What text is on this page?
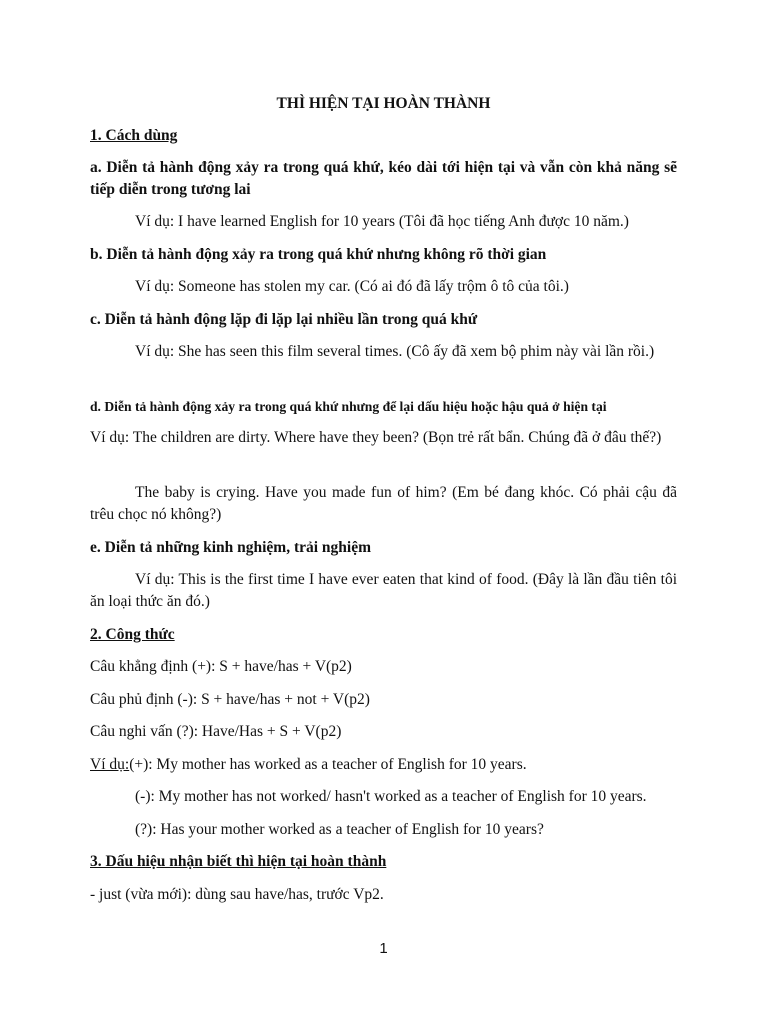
THÌ HIỆN TẠI HOÀN THÀNH
1. Cách dùng
a. Diễn tả hành động xảy ra trong quá khứ, kéo dài tới hiện tại và vẫn còn khả năng sẽ tiếp diễn trong tương lai
Ví dụ: I have learned English for 10 years (Tôi đã học tiếng Anh được 10 năm.)
b. Diễn tả hành động xảy ra trong quá khứ nhưng không rõ thời gian
Ví dụ: Someone has stolen my car. (Có ai đó đã lấy trộm ô tô của tôi.)
c. Diễn tả hành động lặp đi lặp lại nhiều lần trong quá khứ
Ví dụ: She has seen this film several times. (Cô ấy đã xem bộ phim này vài lần rồi.)
d. Diễn tả hành động xảy ra trong quá khứ nhưng để lại dấu hiệu hoặc hậu quả ở hiện tại
Ví dụ: The children are dirty. Where have they been? (Bọn trẻ rất bẩn. Chúng đã ở đâu thế?)
The baby is crying. Have you made fun of him? (Em bé đang khóc. Có phải cậu đã trêu chọc nó không?)
e. Diễn tả những kinh nghiệm, trải nghiệm
Ví dụ: This is the first time I have ever eaten that kind of food. (Đây là lần đầu tiên tôi ăn loại thức ăn đó.)
2. Công thức
Câu khẳng định (+): S + have/has + V(p2)
Câu phủ định (-): S + have/has + not + V(p2)
Câu nghi vấn (?): Have/Has + S + V(p2)
Ví dụ:(+): My mother has worked as a teacher of English for 10 years.
(-): My mother has not worked/ hasn't worked as a teacher of English for 10 years.
(?): Has your mother worked as a teacher of English for 10 years?
3. Dấu hiệu nhận biết thì hiện tại hoàn thành
- just (vừa mới): dùng sau have/has, trước Vp2.
1
